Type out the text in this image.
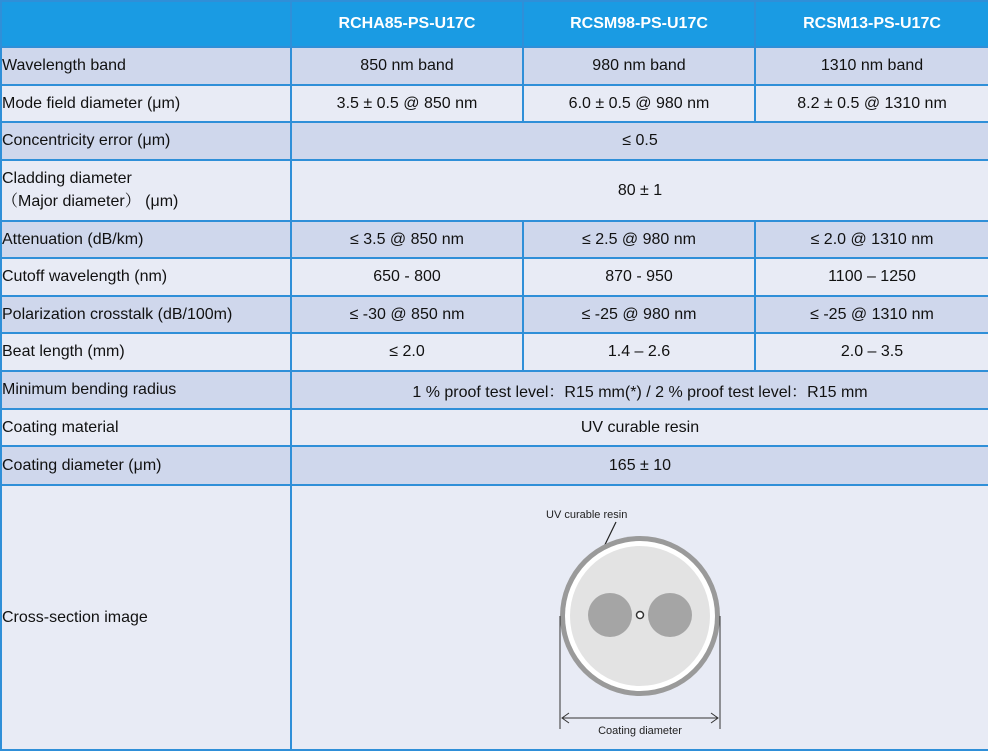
	RCHA85-PS-U17C	RCSM98-PS-U17C	RCSM13-PS-U17C
Wavelength band	850 nm band	980 nm band	1310 nm band
Mode field diameter (μm)	3.5 ± 0.5 @ 850 nm	6.0 ± 0.5 @ 980 nm	8.2 ± 0.5 @ 1310 nm
Concentricity error (μm)	≤ 0.5		

Cladding diameter
（Major diameter） (μm)	80 ± 1		
Attenuation (dB/km)	≤ 3.5 @ 850 nm	≤ 2.5 @ 980 nm	≤ 2.0 @ 1310 nm
Cutoff wavelength (nm)	650 - 800	870 - 950	1100 – 1250
Polarization crosstalk (dB/100m)	≤ -30 @ 850 nm	≤ -25 @ 980 nm	≤ -25 @ 1310 nm
Beat length (mm)	≤ 2.0	1.4 – 2.6	2.0 – 3.5
Minimum bending radius	1 % proof test level：R15 mm(*) / 2 % proof test level：R15 mm		
Coating material	UV curable resin		
Coating diameter (μm)	165 ± 10		
Cross-section image	UV curable resin
Coating diameter		
